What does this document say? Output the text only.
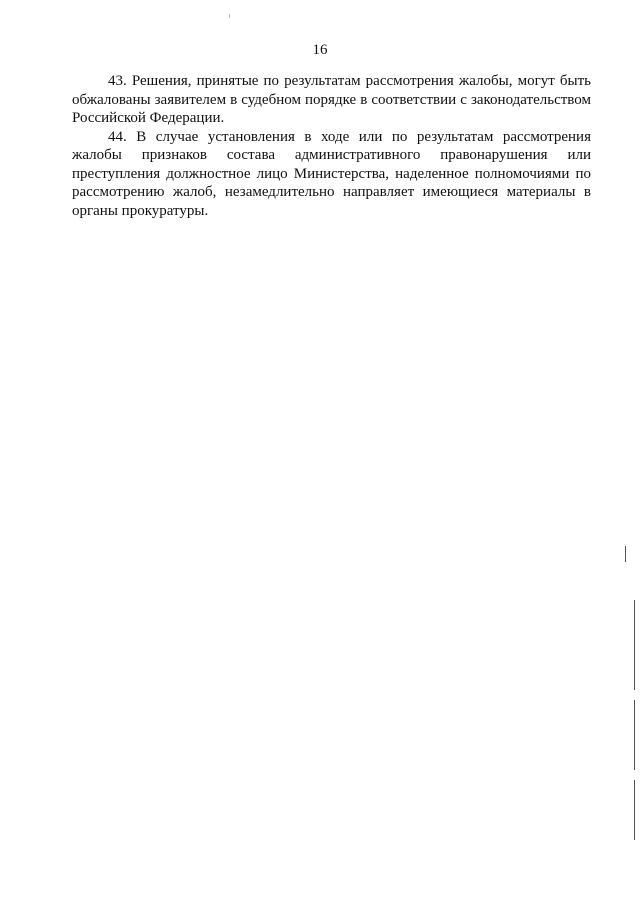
16

43. Решения, принятые по результатам рассмотрения жалобы, могут быть обжалованы заявителем в судебном порядке в соответствии с законодательством Российской Федерации.

44. В случае установления в ходе или по результатам рассмотрения жалобы признаков состава административного правонарушения или преступления должностное лицо Министерства, наделенное полномочиями по рассмотрению жалоб, незамедлительно направляет имеющиеся материалы в органы прокуратуры.
